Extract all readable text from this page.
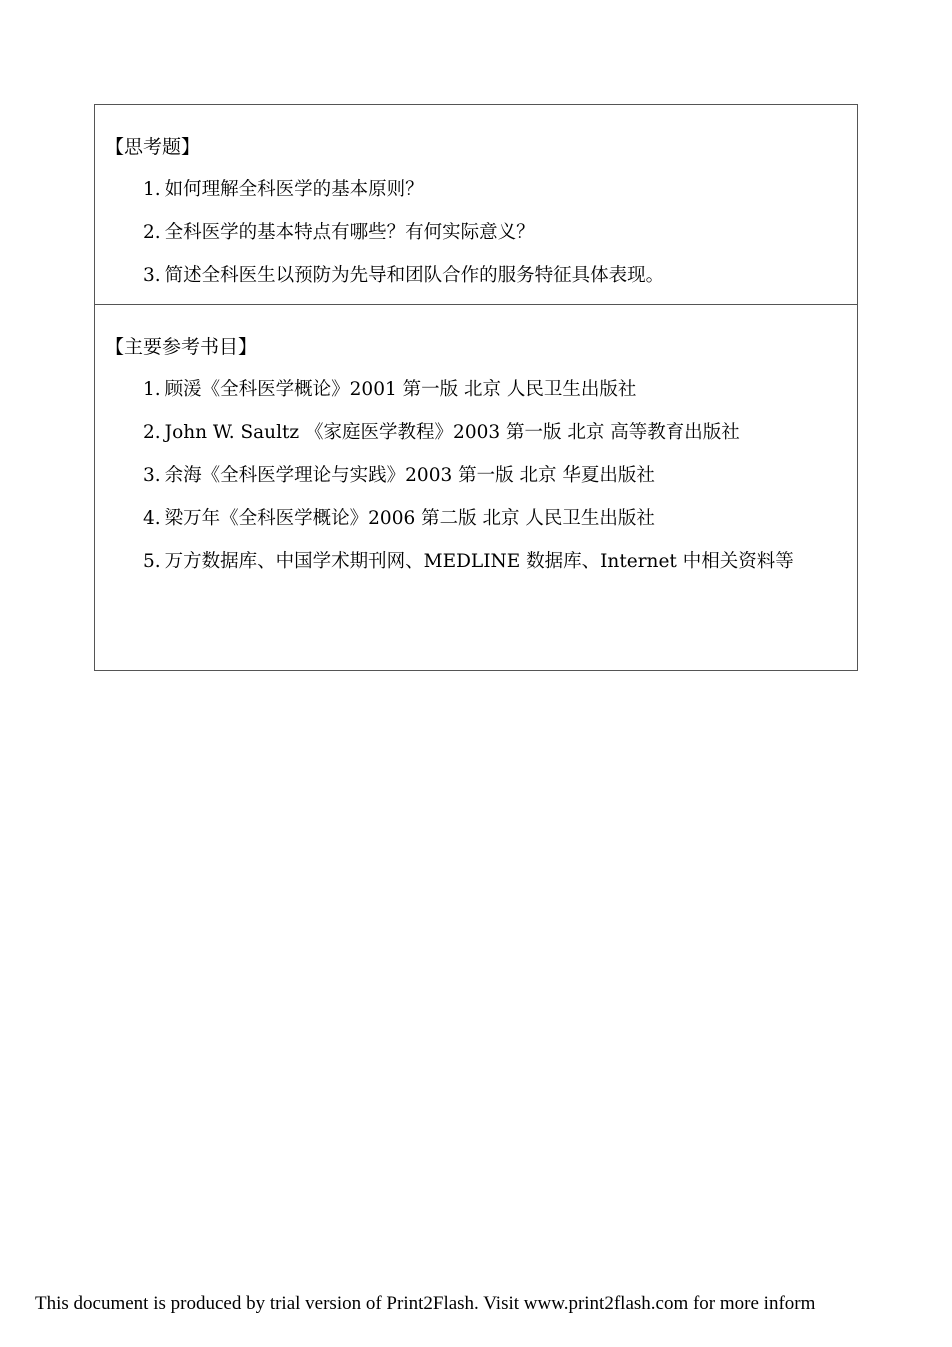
【思考题】
1. 如何理解全科医学的基本原则？
2. 全科医学的基本特点有哪些？有何实际意义？
3. 简述全科医生以预防为先导和团队合作的服务特征具体表现。
【主要参考书目】
1. 顾湲《全科医学概论》2001 第一版 北京 人民卫生出版社
2. John W. Saultz 《家庭医学教程》2003 第一版 北京 高等教育出版社
3. 余海《全科医学理论与实践》2003 第一版 北京 华夏出版社
4. 梁万年《全科医学概论》2006 第二版 北京 人民卫生出版社
5. 万方数据库、中国学术期刊网、MEDLINE 数据库、Internet 中相关资料等
This document is produced by trial version of Print2Flash. Visit www.print2flash.com for more inform
